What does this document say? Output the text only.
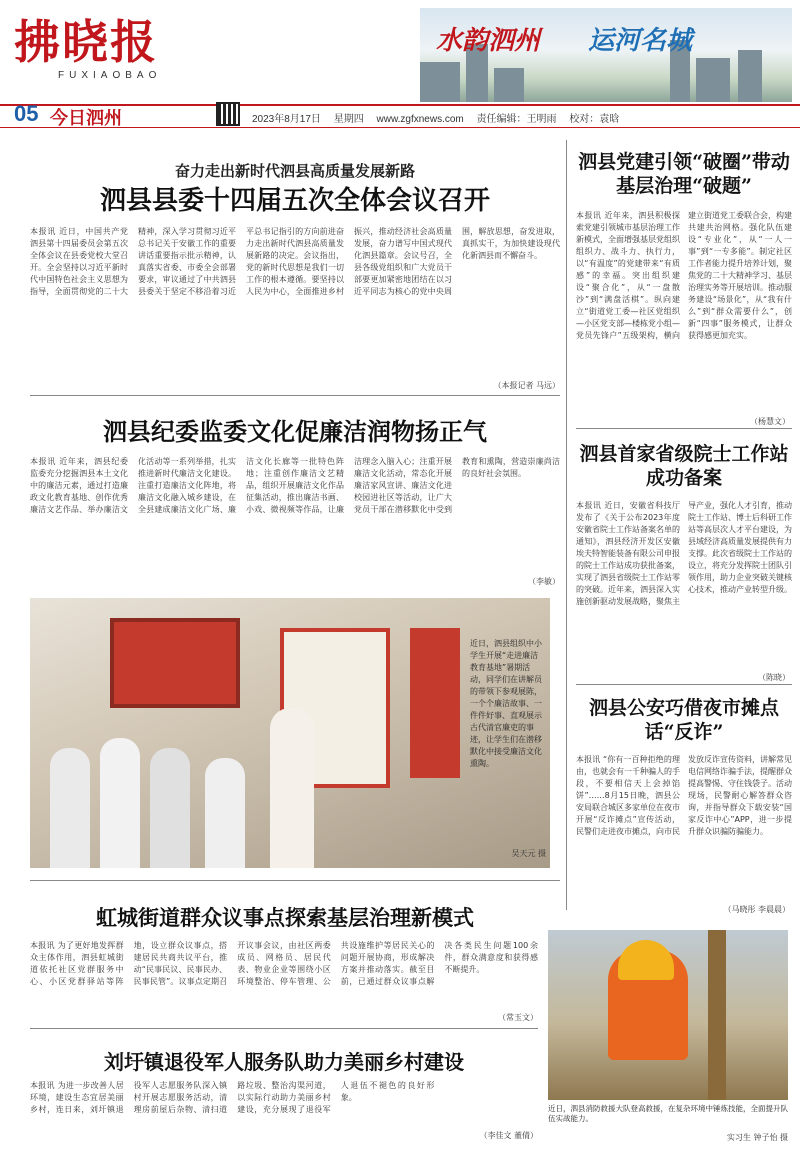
拂晓报
FUXIAOBAO
水韵泗州 运河名城
05 今日泗州	2023年8月17日 星期四 www.zgfxnews.com 责任编辑：王明雨 校对：袁晗
奋力走出新时代泗县高质量发展新路
泗县县委十四届五次全体会议召开
本报讯 近日，中国共产党泗县第十四届委员会第五次全体会议在县委党校大堂召开。全会坚持以习近平新时代中国特色社会主义思想为指导，全面贯彻党的二十大精神，深入学习贯彻习近平总书记关于安徽工作的重要讲话重要指示批示精神，认真落实省委、市委全会部署要求，审议通过了中共泗县县委关于坚定不移沿着习近平总书记指引的方向前进奋力走出新时代泗县高质量发展新路的决定。会议指出，党的新时代思想是我们一切工作的根本遵循。要坚持以人民为中心，全面推进乡村振兴，推动经济社会高质量发展，奋力谱写中国式现代化泗县篇章。会议号召，全县各级党组织和广大党员干部要更加紧密地团结在以习近平同志为核心的党中央周围，解放思想，奋发进取，真抓实干，为加快建设现代化新泗县而不懈奋斗。
（本报记者 马远）
泗县党建引领“破圈”带动基层治理“破题”
本报讯 近年来，泗县积极探索党建引领城市基层治理工作新模式，全面增强基层党组织组织力、战斗力、执行力，以“有温度”的党建带来“有质感”的幸福。突出组织建设“聚合化”，从“一盘散沙”到“满盘活棋”。纵向建立“街道党工委—社区党组织—小区党支部—楼栋党小组—党员先锋户”五级架构，横向建立街道党工委联合会，构建共建共治网格。强化队伍建设“专业化”，从“一人一事”到“一专多能”。制定社区工作者能力提升培养计划，聚焦党的二十大精神学习、基层治理实务等开展培训。推动服务建设“场景化”，从“我有什么”到“群众需要什么”，创新“四事”服务模式，让群众获得感更加充实。
（杨慧文）
泗县纪委监委文化促廉洁润物扬正气
本报讯 近年来，泗县纪委监委充分挖掘泗县本土文化中的廉洁元素，通过打造廉政文化教育基地、创作优秀廉洁文艺作品、举办廉洁文化活动等一系列举措，扎实推进新时代廉洁文化建设。注重打造廉洁文化阵地，将廉洁文化融入城乡建设，在全县建成廉洁文化广场、廉洁文化长廊等一批特色阵地；注重创作廉洁文艺精品，组织开展廉洁文化作品征集活动，推出廉洁书画、小戏、微视频等作品，让廉洁理念入脑入心；注重开展廉洁文化活动，常态化开展廉洁家风宣讲、廉洁文化进校园进社区等活动，让广大党员干部在潜移默化中受到教育和熏陶，营造崇廉尚洁的良好社会氛围。
（李敏）
泗县首家省级院士工作站成功备案
本报讯 近日，安徽省科技厅发布了《关于公布2023年度安徽省院士工作站备案名单的通知》，泗县经济开发区安徽埃夫特智能装备有限公司申报的院士工作站成功获批备案，实现了泗县省级院士工作站零的突破。近年来，泗县深入实施创新驱动发展战略，聚焦主导产业，强化人才引育，推动院士工作站、博士后科研工作站等高层次人才平台建设，为县域经济高质量发展提供有力支撑。此次省级院士工作站的设立，将充分发挥院士团队引领作用，助力企业突破关键核心技术，推动产业转型升级。
（陈晓）
近日，泗县组织中小学生开展“走进廉洁教育基地”暑期活动，同学们在讲解员的带领下参观展陈，一个个廉洁故事、一件件好事、直观展示古代清官廉吏的事迹，让学生们在潜移默化中接受廉洁文化熏陶。
吴天元 摄
泗县公安巧借夜市摊点话“反诈”
本报讯 “你有一百种拒绝的理由，也就会有一千种骗人的手段，不要相信天上会掉馅饼”……8月15日晚，泗县公安局联合城区多家单位在夜市开展“反诈摊点”宣传活动，民警们走进夜市摊点，向市民发放反诈宣传资料，讲解常见电信网络诈骗手法，提醒群众提高警惕、守住钱袋子。活动现场，民警耐心解答群众咨询，并指导群众下载安装“国家反诈中心”APP，进一步提升群众识骗防骗能力。
（马晓彤 李晨晨）
虹城街道群众议事点探索基层治理新模式
本报讯 为了更好地发挥群众主体作用，泗县虹城街道依托社区党群服务中心、小区党群驿站等阵地，设立群众议事点，搭建居民共商共议平台，推动“民事民议、民事民办、民事民管”。议事点定期召开议事会议，由社区两委成员、网格员、居民代表、物业企业等围绕小区环境整治、停车管理、公共设施维护等居民关心的问题开展协商，形成解决方案并推动落实。截至目前，已通过群众议事点解决各类民生问题100余件，群众满意度和获得感不断提升。
（常玉文）
近日，泗县消防救援大队登高救援，在复杂环境中锤炼技能，全面提升队伍实战能力。
实习生 钟子怡 摄
刘圩镇退役军人服务队助力美丽乡村建设
本报讯 为进一步改善人居环境，建设生态宜居美丽乡村，连日来，刘圩镇退役军人志愿服务队深入镇村开展志愿服务活动，清理房前屋后杂物、清扫道路垃圾、整治沟渠河道，以实际行动助力美丽乡村建设，充分展现了退役军人退伍不褪色的良好形象。
（李佳文 董倩）
